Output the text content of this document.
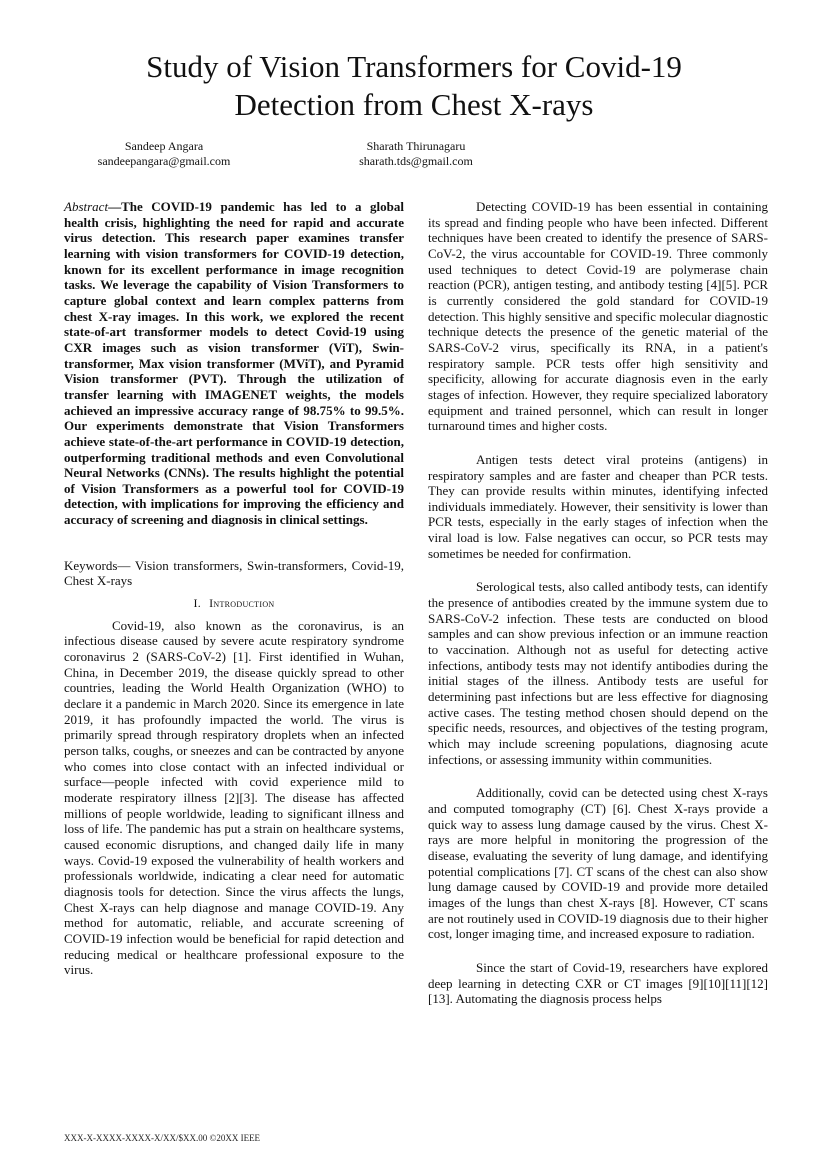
Study of Vision Transformers for Covid-19
Detection from Chest X-rays
Sandeep Angara
sandeepangara@gmail.com
Sharath Thirunagaru
sharath.tds@gmail.com

Abstract—The COVID-19 pandemic has led to a global health crisis, highlighting the need for rapid and accurate virus detection. This research paper examines transfer learning with vision transformers for COVID-19 detection, known for its excellent performance in image recognition tasks. We leverage the capability of Vision Transformers to capture global context and learn complex patterns from chest X-ray images. In this work, we explored the recent state-of-art transformer models to detect Covid-19 using CXR images such as vision transformer (ViT), Swin-transformer, Max vision transformer (MViT), and Pyramid Vision transformer (PVT). Through the utilization of transfer learning with IMAGENET weights, the models achieved an impressive accuracy range of 98.75% to 99.5%. Our experiments demonstrate that Vision Transformers achieve state-of-the-art performance in COVID-19 detection, outperforming traditional methods and even Convolutional Neural Networks (CNNs). The results highlight the potential of Vision Transformers as a powerful tool for COVID-19 detection, with implications for improving the efficiency and accuracy of screening and diagnosis in clinical settings.

Keywords— Vision transformers, Swin-transformers, Covid-19, Chest X-rays

I. Introduction

Covid-19, also known as the coronavirus, is an infectious disease caused by severe acute respiratory syndrome coronavirus 2 (SARS-CoV-2) [1]. First identified in Wuhan, China, in December 2019, the disease quickly spread to other countries, leading the World Health Organization (WHO) to declare it a pandemic in March 2020. Since its emergence in late 2019, it has profoundly impacted the world. The virus is primarily spread through respiratory droplets when an infected person talks, coughs, or sneezes and can be contracted by anyone who comes into close contact with an infected individual or surface—people infected with covid experience mild to moderate respiratory illness [2][3]. The disease has affected millions of people worldwide, leading to significant illness and loss of life. The pandemic has put a strain on healthcare systems, caused economic disruptions, and changed daily life in many ways. Covid-19 exposed the vulnerability of health workers and professionals worldwide, indicating a clear need for automatic diagnosis tools for detection. Since the virus affects the lungs, Chest X-rays can help diagnose and manage COVID-19. Any method for automatic, reliable, and accurate screening of COVID-19 infection would be beneficial for rapid detection and reducing medical or healthcare professional exposure to the virus.

Detecting COVID-19 has been essential in containing its spread and finding people who have been infected. Different techniques have been created to identify the presence of SARS-CoV-2, the virus accountable for COVID-19. Three commonly used techniques to detect Covid-19 are polymerase chain reaction (PCR), antigen testing, and antibody testing [4][5]. PCR is currently considered the gold standard for COVID-19 detection. This highly sensitive and specific molecular diagnostic technique detects the presence of the genetic material of the SARS-CoV-2 virus, specifically its RNA, in a patient's respiratory sample. PCR tests offer high sensitivity and specificity, allowing for accurate diagnosis even in the early stages of infection. However, they require specialized laboratory equipment and trained personnel, which can result in longer turnaround times and higher costs.

Antigen tests detect viral proteins (antigens) in respiratory samples and are faster and cheaper than PCR tests. They can provide results within minutes, identifying infected individuals immediately. However, their sensitivity is lower than PCR tests, especially in the early stages of infection when the viral load is low. False negatives can occur, so PCR tests may sometimes be needed for confirmation.

Serological tests, also called antibody tests, can identify the presence of antibodies created by the immune system due to SARS-CoV-2 infection. These tests are conducted on blood samples and can show previous infection or an immune reaction to vaccination. Although not as useful for detecting active infections, antibody tests may not identify antibodies during the initial stages of the illness. Antibody tests are useful for determining past infections but are less effective for diagnosing active cases. The testing method chosen should depend on the specific needs, resources, and objectives of the testing program, which may include screening populations, diagnosing acute infections, or assessing immunity within communities.

Additionally, covid can be detected using chest X-rays and computed tomography (CT) [6]. Chest X-rays provide a quick way to assess lung damage caused by the virus. Chest X-rays are more helpful in monitoring the progression of the disease, evaluating the severity of lung damage, and identifying potential complications [7]. CT scans of the chest can also show lung damage caused by COVID-19 and provide more detailed images of the lungs than chest X-rays [8]. However, CT scans are not routinely used in COVID-19 diagnosis due to their higher cost, longer imaging time, and increased exposure to radiation.

Since the start of Covid-19, researchers have explored deep learning in detecting CXR or CT images [9][10][11][12][13]. Automating the diagnosis process helps

XXX-X-XXXX-XXXX-X/XX/$XX.00 ©20XX IEEE
